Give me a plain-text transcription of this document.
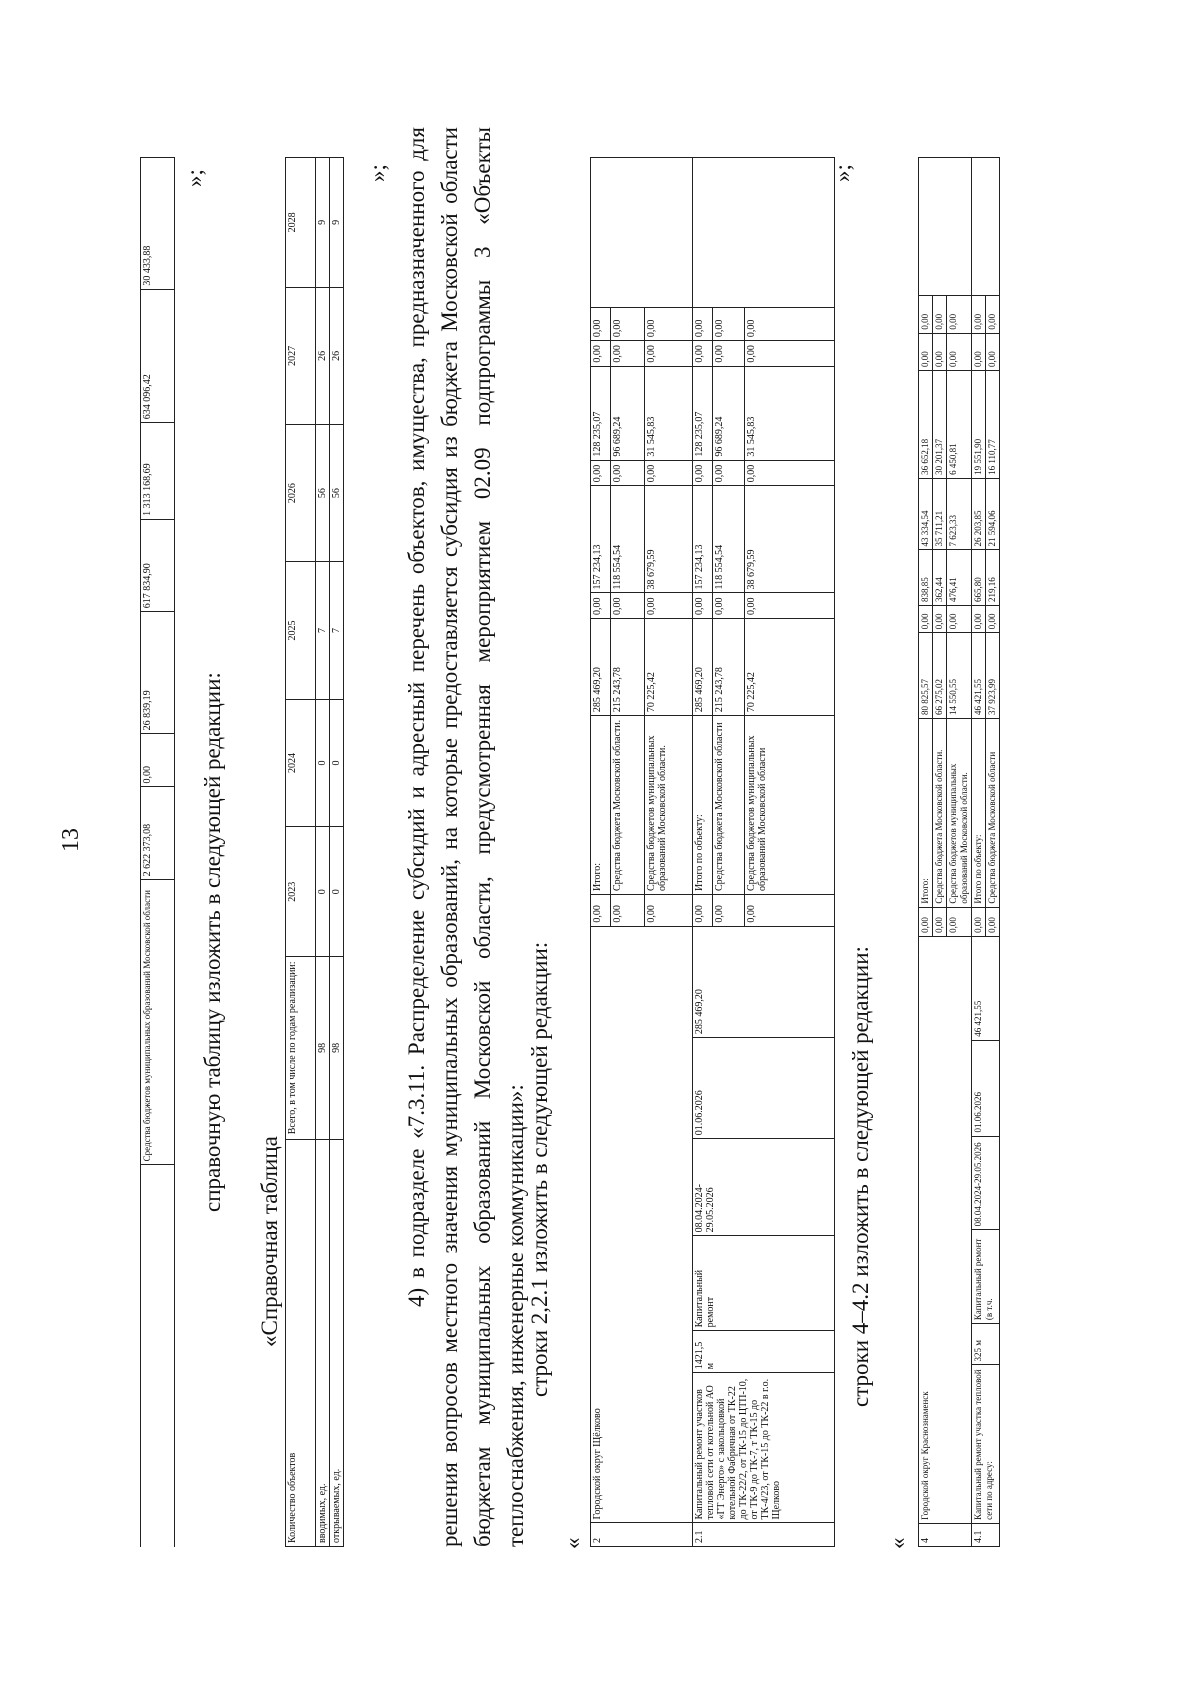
13
	Средства бюджетов муниципальных образований Московской области	2 622 373,08	0,00	26 839,19	617 834,90	1 313 168,69	634 096,42	30 433,88
»;
справочную таблицу изложить в следующей редакции:
«Справочная таблица
Количество объектов	Всего, в том числе по годам реализации:	2023	2024	2025	2026	2027	2028
вводимых, ед.	98	0	0	7	56	26	9
открываемых, ед.	98	0	0	7	56	26	9
»; 4) в подразделе «7.3.11. Распределение субсидий и адресный перечень объектов, имущества, предназначенного для решения вопросов местного значения муниципальных образований, на которые предоставляется субсидия из бюджета Московской области бюджетам муниципальных образований Московской области, предусмотренная мероприятием 02.09 подпрограммы 3 «Объекты теплоснабжения, инженерные коммуникации»: строки 2,2.1 изложить в следующей редакции:
« 2	Городской округ Щёлково						0,00	Итого:	285 469,20	0,00	157 234,13	0,00	128 235,07	0,00	0,00	
							0,00	Средства бюджета Московской области.	215 243,78	0,00	118 554,54	0,00	96 689,24	0,00	0,00	
							0,00	Средства бюджетов муниципальных образований Московской области.	70 225,42	0,00	38 679,59	0,00	31 545,83	0,00	0,00	
2.1	Капитальный ремонт участков тепловой сети от котельной АО «ГТ Энерго» с закольцовкой котельной Фабричная от ТК-22 до ТК-22/2, от ТК-15 до ЦТП-10, от ТК-9 до ТК-7, т ТК-15 до ТК-4/23, от ТК-15 до ТК-22 в г.о. Щелково	1421,5 м	Капитальный ремонт	08.04.2024-29.05.2026	01.06.2026	285 469,20	0,00	Итого по объекту:	285 469,20	0,00	157 234,13	0,00	128 235,07	0,00	0,00	
							0,00	Средства бюджета Московской области	215 243,78	0,00	118 554,54	0,00	96 689,24	0,00	0,00	
							0,00	Средства бюджетов муниципальных образований Московской области	70 225,42	0,00	38 679,59	0,00	31 545,83	0,00	0,00	
»;
строки 4–4.2 изложить в следующей редакции:
« 4	Городской округ Краснознаменск						0,00	Итого:	80 825,57	0,00	838,85	43 334,54	36 652,18	0,00	0,00	
							0,00	Средства бюджета Московской области.	66 275,02	0,00	362,44	35 711,21	30 201,37	0,00	0,00	
							0,00	Средства бюджетов муниципальных образований Московской области.	14 550,55	0,00	476,41	7 623,33	6 450,81	0,00	0,00	
4.1	Капитальный ремонт участка тепловой сети по адресу:	325 м	Капитальный ремонт (в т.ч.	08.04.2024-29.05.2026	01.06.2026	46 421,55	0,00	Итого по объекту:	46 421,55	0,00	665,80	26 203,85	19 551,90	0,00	0,00	
							0,00	Средства бюджета Московской области	37 923,99	0,00	219,16	21 594,06	16 110,77	0,00	0,00	
